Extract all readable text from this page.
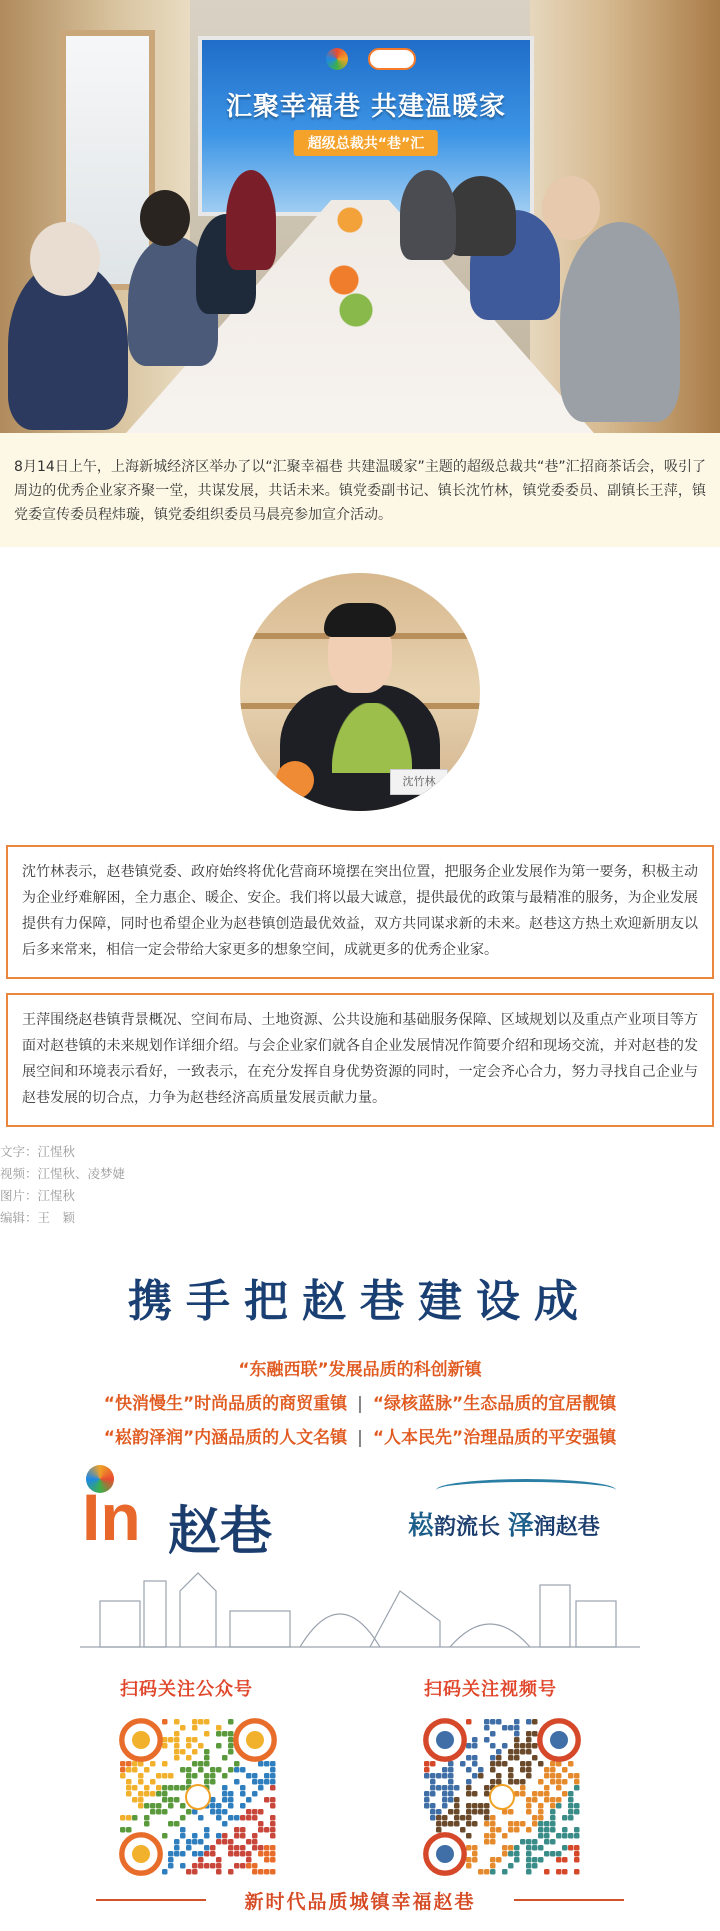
汇聚幸福巷 共建温暖家
超级总裁共“巷”汇

8月14日上午，上海新城经济区举办了以“汇聚幸福巷 共建温暖家”主题的超级总裁共“巷”汇招商茶话会，吸引了周边的优秀企业家齐聚一堂，共谋发展，共话未来。镇党委副书记、镇长沈竹林，镇党委委员、副镇长王萍，镇党委宣传委员程炜璇，镇党委组织委员马晨亮参加宣介活动。

沈竹林

沈竹林表示，赵巷镇党委、政府始终将优化营商环境摆在突出位置，把服务企业发展作为第一要务，积极主动为企业纾难解困，全力惠企、暖企、安企。我们将以最大诚意，提供最优的政策与最精准的服务，为企业发展提供有力保障，同时也希望企业为赵巷镇创造最优效益，双方共同谋求新的未来。赵巷这方热土欢迎新朋友以后多来常来，相信一定会带给大家更多的想象空间，成就更多的优秀企业家。

王萍围绕赵巷镇背景概况、空间布局、土地资源、公共设施和基础服务保障、区域规划以及重点产业项目等方面对赵巷镇的未来规划作详细介绍。与会企业家们就各自企业发展情况作简要介绍和现场交流，并对赵巷的发展空间和环境表示看好，一致表示，在充分发挥自身优势资源的同时，一定会齐心合力，努力寻找自己企业与赵巷发展的切合点，力争为赵巷经济高质量发展贡献力量。

文字：江惺秋
视频：江惺秋、凌梦婕
图片：江惺秋
编辑：王　颖
携手把赵巷建设成
“东融西联”发展品质的科创新镇
“快消慢生”时尚品质的商贸重镇 | “绿核蓝脉”生态品质的宜居靓镇
“崧韵泽润”内涵品质的人文名镇 | “人本民先”治理品质的平安强镇
In 赵巷	崧韵流长 泽润赵巷
扫码关注公众号	扫码关注视频号
新时代品质城镇幸福赵巷
